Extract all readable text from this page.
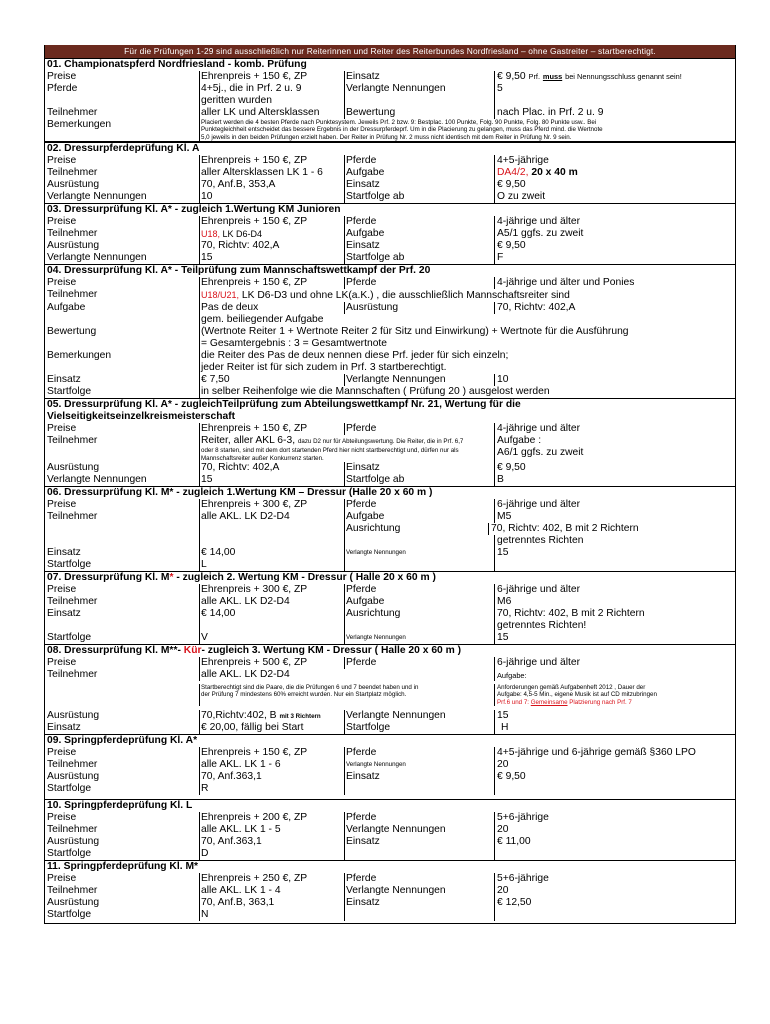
Für die Prüfungen 1-29 sind ausschließlich nur Reiterinnen und Reiter des Reiterbundes Nordfriesland – ohne Gastreiter – startberechtigt.
01. Championatspferd Nordfriesland - komb. Prüfung
Preise	Ehrenpreis + 150 €, ZP	Einsatz	€ 9,50 Prf. muss bei Nennungsschluss genannt sein!
Pferde	4+5j., die in Prf. 2 u. 9	Verlangte Nennungen	5
geritten wurden
Teilnehmer	aller LK und Altersklassen	Bewertung	nach Plac. in Prf. 2 u. 9
Bemerkungen	Placiert werden die 4 besten Pferde nach Punktesystem. Jeweils Prf. 2 bzw. 9: Bestplac. 100 Punkte, Folg. 90 Punkte, Folg. 80 Punkte usw.. Bei
Punktegleichheit entscheidet das bessere Ergebnis in der Dressurpferdeprf. Um in die Placierung zu gelangen, muss das Pferd mind. die Wertnote
5,0 jeweils in den beiden Prüfungen erzielt haben. Der Reiter in Prüfung Nr. 2 muss nicht identisch mit dem Reiter in Prüfung Nr. 9 sein.
02. Dressurpferdeprüfung Kl. A
Preise	Ehrenpreis + 150 €, ZP	Pferde	4+5-jährige
Teilnehmer	aller Altersklassen LK 1 - 6	Aufgabe	DA4/2, 20 x 40 m
Ausrüstung	70, Anf.B, 353,A	Einsatz	€ 9,50
Verlangte Nennungen	10	Startfolge ab	O zu zweit
03. Dressurprüfung Kl. A* - zugleich 1.Wertung KM Junioren
Preise	Ehrenpreis + 150 €, ZP	Pferde	4-jährige und älter
Teilnehmer	U18, LK D6-D4	Aufgabe	A5/1 ggfs. zu zweit
Ausrüstung	70, Richtv: 402,A	Einsatz	€ 9,50
Verlangte Nennungen	15	Startfolge ab	F
04. Dressurprüfung Kl. A* - Teilprüfung zum Mannschaftswettkampf der Prf. 20
Preise	Ehrenpreis + 150 €, ZP	Pferde	4-jährige und älter und Ponies
Teilnehmer	U18/U21, LK D6-D3 und ohne LK(a.K.) , die ausschließlich Mannschaftsreiter sind
Aufgabe	Pas de deux	Ausrüstung	70, Richtv: 402,A
gem. beiliegender Aufgabe
Bewertung	(Wertnote Reiter 1 + Wertnote Reiter 2 für Sitz und Einwirkung) + Wertnote für die Ausführung
= Gesamtergebnis : 3 = Gesamtwertnote
Bemerkungen	die Reiter des Pas de deux nennen diese Prf. jeder für sich einzeln;
jeder Reiter ist für sich zudem in Prf. 3 startberechtigt.
Einsatz	€ 7,50	Verlangte Nennungen	10
Startfolge	in selber Reihenfolge wie die Mannschaften ( Prüfung 20 ) ausgelost werden
05. Dressurprüfung Kl. A* - zugleichTeilprüfung zum Abteilungswettkampf Nr. 21, Wertung für die
Vielseitigkeitseinzelkreismeisterschaft
Preise	Ehrenpreis + 150 €, ZP	Pferde	4-jährige und älter
Teilnehmer	Reiter, aller AKL 6-3, dazu D2 nur für Abteilungswertung. Die Reiter, die in Prf. 6,7
oder 8 starten, sind mit dem dort startenden Pferd hier nicht startberechtigt und, dürfen nur als
Mannschaftsreiter außer Konkurrenz starten.
Aufgabe :
A6/1 ggfs. zu zweit
Ausrüstung	70, Richtv: 402,A	Einsatz	€ 9,50
Verlangte Nennungen	15	Startfolge ab	B
06. Dressurprüfung Kl. M* - zugleich 1.Wertung KM – Dressur (Halle 20 x 60 m )
Preise	Ehrenpreis + 300 €, ZP	Pferde	6-jährige und älter
Teilnehmer	alle AKL. LK D2-D4	Aufgabe	M5
Ausrichtung	70, Richtv: 402, B mit 2 Richtern
getrenntes Richten
Einsatz	€ 14,00	Verlangte Nennungen	15
Startfolge	L
07. Dressurprüfung Kl. M* - zugleich 2. Wertung KM - Dressur ( Halle 20 x 60 m )
Preise	Ehrenpreis + 300 €, ZP	Pferde	6-jährige und älter
Teilnehmer	alle AKL. LK D2-D4	Aufgabe	M6
Einsatz	€ 14,00	Ausrichtung	70, Richtv: 402, B mit 2 Richtern
getrenntes Richten!
Startfolge	V	Verlangte Nennungen	15
08. Dressurprüfung Kl. M**- Kür- zugleich 3. Wertung KM - Dressur ( Halle 20 x 60 m )
Preise	Ehrenpreis + 500 €, ZP	Pferde	6-jährige und älter
Teilnehmer	alle AKL. LK D2-D4	Aufgabe:
Startberechtigt sind die Paare, die die Prüfungen 6 und 7 beendet haben und in
der Prüfung 7 mindestens 60% erreicht wurden. Nur ein Startplatz möglich.
Anforderungen gemäß Aufgabenheft 2012 , Dauer der
Aufgabe: 4,5-5 Min., eigene Musik ist auf CD mitzubringen
Prf.6 und 7: Gemeinsame Platzierung nach Prf. 7
Ausrüstung	70,Richtv:402, B mit 3 Richtern	Verlangte Nennungen	15
Einsatz	€ 20,00, fällig bei Start	Startfolge	H
09. Springpferdeprüfung Kl. A*
Preise	Ehrenpreis + 150 €, ZP	Pferde	4+5-jährige und 6-jährige gemäß §360 LPO
Teilnehmer	alle AKL. LK 1 - 6	Verlangte Nennungen	20
Ausrüstung	70, Anf.363,1	Einsatz	€ 9,50
Startfolge	R
10. Springpferdeprüfung Kl. L
Preise	Ehrenpreis + 200 €, ZP	Pferde	5+6-jährige
Teilnehmer	alle AKL. LK 1 - 5	Verlangte Nennungen	20
Ausrüstung	70, Anf.363,1	Einsatz	€ 11,00
Startfolge	D
11. Springpferdeprüfung Kl. M*
Preise	Ehrenpreis + 250 €, ZP	Pferde	5+6-jährige
Teilnehmer	alle AKL. LK 1 - 4	Verlangte Nennungen	20
Ausrüstung	70, Anf.B, 363,1	Einsatz	€ 12,50
Startfolge	N
